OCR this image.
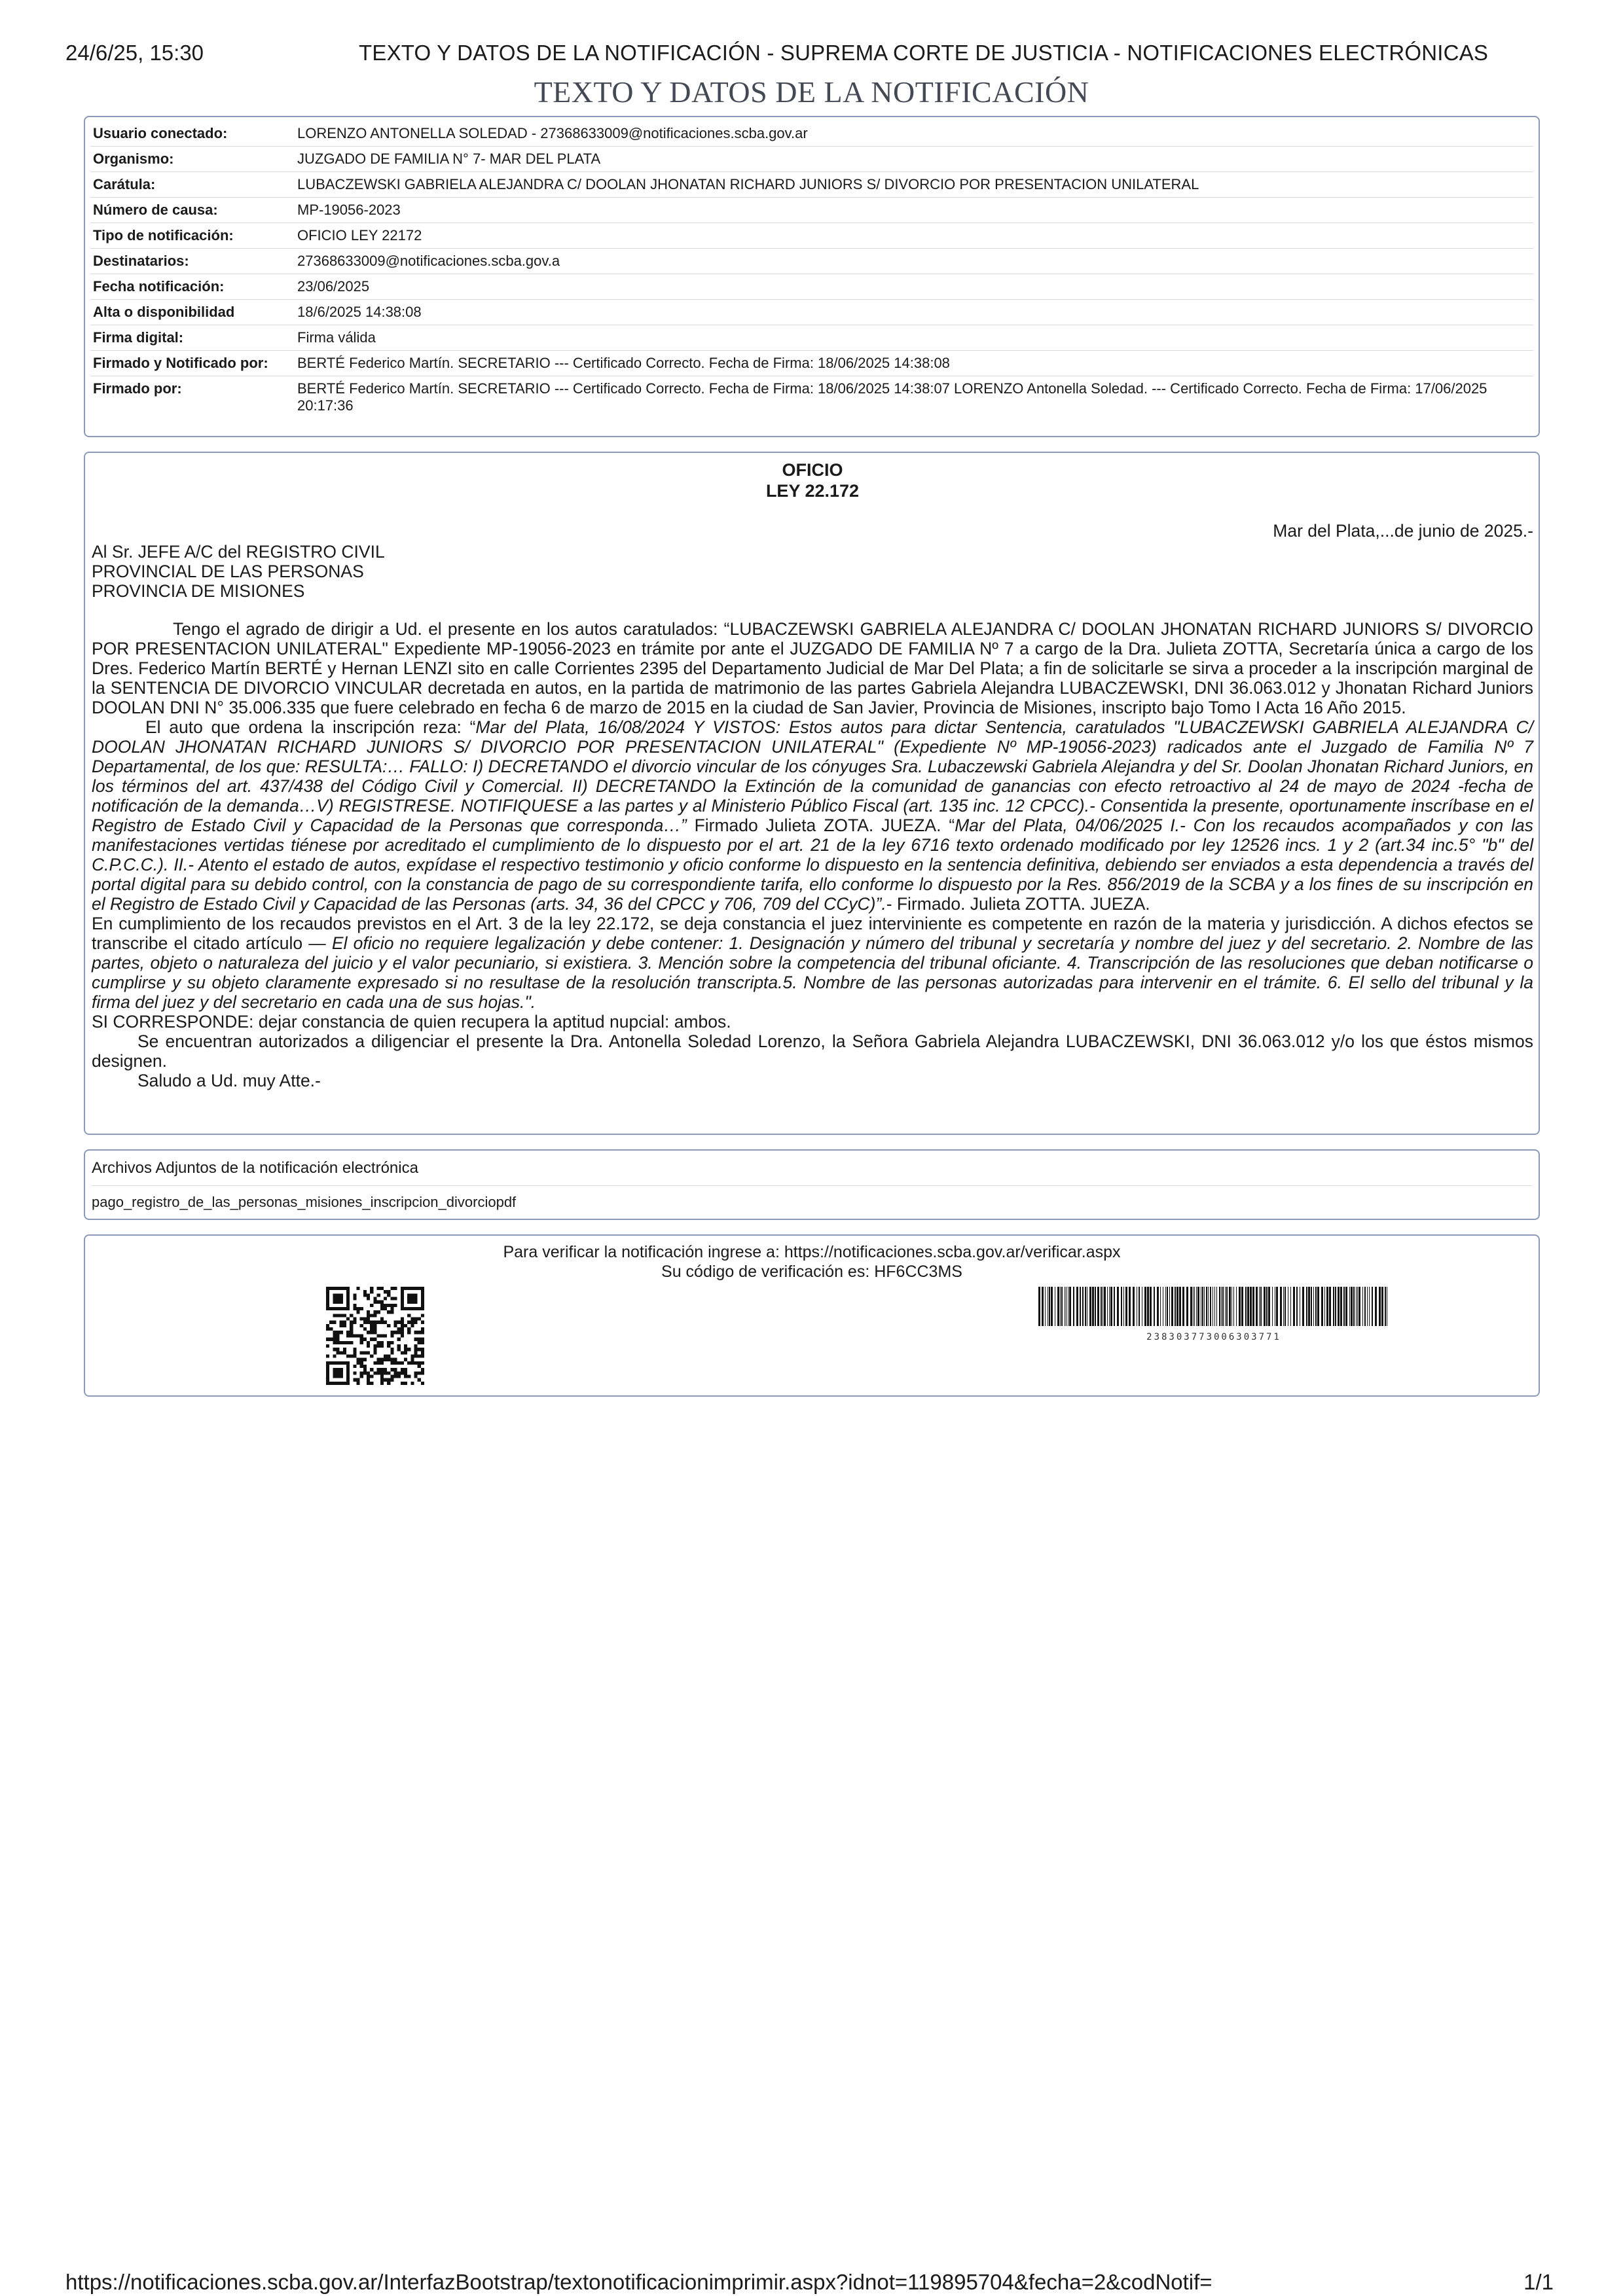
24/6/25, 15:30	TEXTO Y DATOS DE LA NOTIFICACIÓN - SUPREMA CORTE DE JUSTICIA - NOTIFICACIONES ELECTRÓNICAS
TEXTO Y DATOS DE LA NOTIFICACIÓN
Usuario conectado:	LORENZO ANTONELLA SOLEDAD - 27368633009@notificaciones.scba.gov.ar
Organismo:	JUZGADO DE FAMILIA N° 7- MAR DEL PLATA
Carátula:	LUBACZEWSKI GABRIELA ALEJANDRA C/ DOOLAN JHONATAN RICHARD JUNIORS S/ DIVORCIO POR PRESENTACION UNILATERAL
Número de causa:	MP-19056-2023
Tipo de notificación:	OFICIO LEY 22172
Destinatarios:	27368633009@notificaciones.scba.gov.a
Fecha notificación:	23/06/2025
Alta o disponibilidad	18/6/2025 14:38:08
Firma digital:	Firma válida
Firmado y Notificado por:	BERTÉ Federico Martín. SECRETARIO --- Certificado Correcto. Fecha de Firma: 18/06/2025 14:38:08
Firmado por:	BERTÉ Federico Martín. SECRETARIO --- Certificado Correcto. Fecha de Firma: 18/06/2025 14:38:07 LORENZO Antonella Soledad. --- Certificado Correcto. Fecha de Firma: 17/06/2025 20:17:36
OFICIO
LEY 22.172
Mar del Plata,...de junio de 2025.-
Al Sr. JEFE A/C del REGISTRO CIVIL
PROVINCIAL DE LAS PERSONAS
PROVINCIA DE MISIONES

Tengo el agrado de dirigir a Ud. el presente en los autos caratulados: “LUBACZEWSKI GABRIELA ALEJANDRA C/ DOOLAN JHONATAN RICHARD JUNIORS S/ DIVORCIO POR PRESENTACION UNILATERAL" Expediente MP-19056-2023 en trámite por ante el JUZGADO DE FAMILIA Nº 7 a cargo de la Dra. Julieta ZOTTA, Secretaría única a cargo de los Dres. Federico Martín BERTÉ y Hernan LENZI sito en calle Corrientes 2395 del Departamento Judicial de Mar Del Plata; a fin de solicitarle se sirva a proceder a la inscripción marginal de la SENTENCIA DE DIVORCIO VINCULAR decretada en autos, en la partida de matrimonio de las partes Gabriela Alejandra LUBACZEWSKI, DNI 36.063.012 y Jhonatan Richard Juniors DOOLAN DNI N° 35.006.335 que fuere celebrado en fecha 6 de marzo de 2015 en la ciudad de San Javier, Provincia de Misiones, inscripto bajo Tomo I Acta 16 Año 2015.

El auto que ordena la inscripción reza: “Mar del Plata, 16/08/2024 Y VISTOS: Estos autos para dictar Sentencia, caratulados "LUBACZEWSKI GABRIELA ALEJANDRA C/ DOOLAN JHONATAN RICHARD JUNIORS S/ DIVORCIO POR PRESENTACION UNILATERAL" (Expediente Nº MP-19056-2023) radicados ante el Juzgado de Familia Nº 7 Departamental, de los que: RESULTA:… FALLO: I) DECRETANDO el divorcio vincular de los cónyuges Sra. Lubaczewski Gabriela Alejandra y del Sr. Doolan Jhonatan Richard Juniors, en los términos del art. 437/438 del Código Civil y Comercial. II) DECRETANDO la Extinción de la comunidad de ganancias con efecto retroactivo al 24 de mayo de 2024 -fecha de notificación de la demanda…V) REGISTRESE. NOTIFIQUESE a las partes y al Ministerio Público Fiscal (art. 135 inc. 12 CPCC).- Consentida la presente, oportunamente inscríbase en el Registro de Estado Civil y Capacidad de la Personas que corresponda…” Firmado Julieta ZOTA. JUEZA. “Mar del Plata, 04/06/2025 I.- Con los recaudos acompañados y con las manifestaciones vertidas tiénese por acreditado el cumplimiento de lo dispuesto por el art. 21 de la ley 6716 texto ordenado modificado por ley 12526 incs. 1 y 2 (art.34 inc.5° "b" del C.P.C.C.). II.- Atento el estado de autos, expídase el respectivo testimonio y oficio conforme lo dispuesto en la sentencia definitiva, debiendo ser enviados a esta dependencia a través del portal digital para su debido control, con la constancia de pago de su correspondiente tarifa, ello conforme lo dispuesto por la Res. 856/2019 de la SCBA y a los fines de su inscripción en el Registro de Estado Civil y Capacidad de las Personas (arts. 34, 36 del CPCC y 706, 709 del CCyC)”.- Firmado. Julieta ZOTTA. JUEZA.

En cumplimiento de los recaudos previstos en el Art. 3 de la ley 22.172, se deja constancia el juez interviniente es competente en razón de la materia y jurisdicción. A dichos efectos se transcribe el citado artículo — El oficio no requiere legalización y debe contener: 1. Designación y número del tribunal y secretaría y nombre del juez y del secretario. 2. Nombre de las partes, objeto o naturaleza del juicio y el valor pecuniario, si existiera. 3. Mención sobre la competencia del tribunal oficiante. 4. Transcripción de las resoluciones que deban notificarse o cumplirse y su objeto claramente expresado si no resultase de la resolución transcripta.5. Nombre de las personas autorizadas para intervenir en el trámite. 6. El sello del tribunal y la firma del juez y del secretario en cada una de sus hojas.".

SI CORRESPONDE: dejar constancia de quien recupera la aptitud nupcial: ambos.

Se encuentran autorizados a diligenciar el presente la Dra. Antonella Soledad Lorenzo, la Señora Gabriela Alejandra LUBACZEWSKI, DNI 36.063.012 y/o los que éstos mismos designen.

Saludo a Ud. muy Atte.-

Archivos Adjuntos de la notificación electrónica
pago_registro_de_las_personas_misiones_inscripcion_divorciopdf
Para verificar la notificación ingrese a: https://notificaciones.scba.gov.ar/verificar.aspx
Su código de verificación es: HF6CC3MS
238303773006303771
https://notificaciones.scba.gov.ar/InterfazBootstrap/textonotificacionimprimir.aspx?idnot=119895704&fecha=2&codNotif=	1/1
